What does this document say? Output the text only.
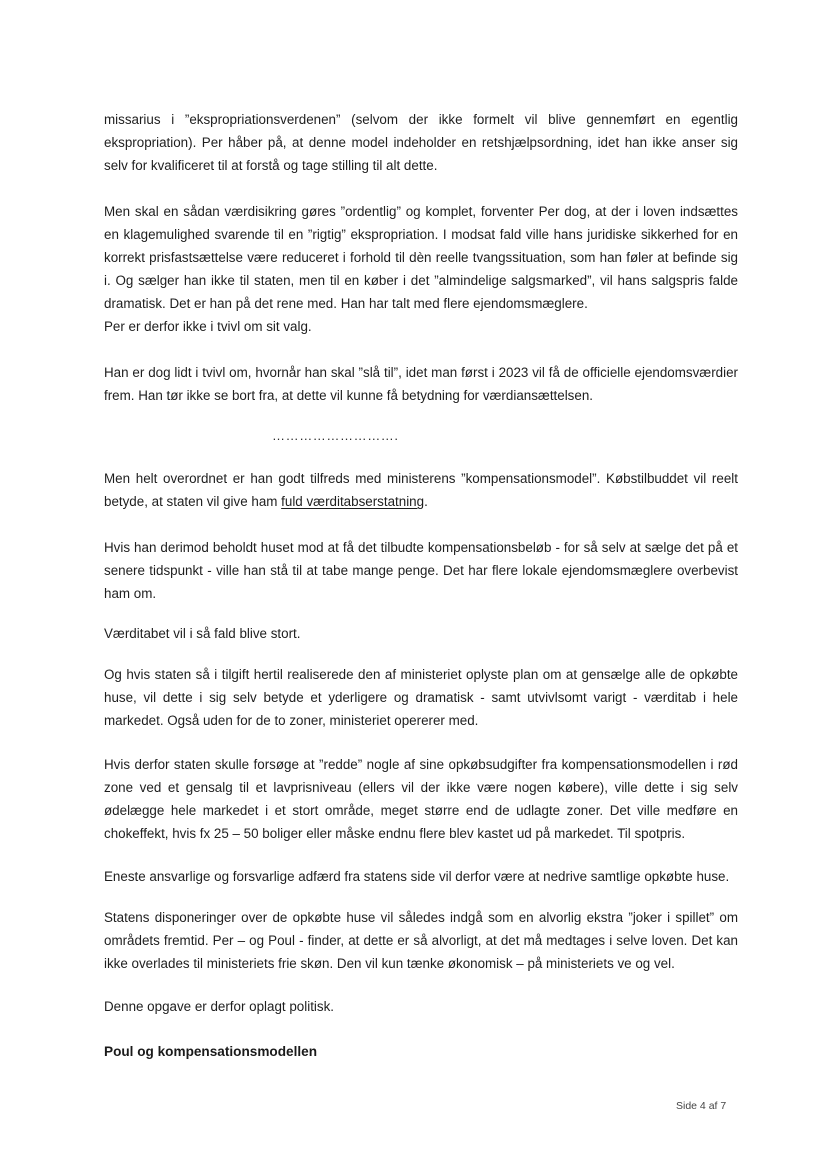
missarius i ”ekspropriationsverdenen” (selvom der ikke formelt vil blive gennemført en egentlig ekspropriation). Per håber på, at denne model indeholder en retshjælpsordning, idet han ikke anser sig selv for kvalificeret til at forstå og tage stilling til alt dette.

Men skal en sådan værdisikring gøres ”ordentlig” og komplet, forventer Per dog, at der i loven indsættes en klagemulighed svarende til en ”rigtig” ekspropriation. I modsat fald ville hans juridiske sikkerhed for en korrekt prisfastsættelse være reduceret i forhold til dèn reelle tvangssituation, som han føler at befinde sig i. Og sælger han ikke til staten, men til en køber i det ”almindelige salgsmarked”, vil hans salgspris falde dramatisk. Det er han på det rene med. Han har talt med flere ejendomsmæglere.

Per er derfor ikke i tvivl om sit valg.

Han er dog lidt i tvivl om, hvornår han skal ”slå til”, idet man først i 2023 vil få de officielle ejendomsværdier frem. Han tør ikke se bort fra, at dette vil kunne få betydning for værdiansættelsen.

……………………….

Men helt overordnet er han godt tilfreds med ministerens ”kompensationsmodel”. Købstilbuddet vil reelt betyde, at staten vil give ham fuld værditabserstatning.

Hvis han derimod beholdt huset mod at få det tilbudte kompensationsbeløb - for så selv at sælge det på et senere tidspunkt - ville han stå til at tabe mange penge. Det har flere lokale ejendomsmæglere overbevist ham om.

Værditabet vil i så fald blive stort.

Og hvis staten så i tilgift hertil realiserede den af ministeriet oplyste plan om at gensælge alle de opkøbte huse, vil dette i sig selv betyde et yderligere og dramatisk - samt utvivlsomt varigt - værditab i hele markedet. Også uden for de to zoner, ministeriet opererer med.

Hvis derfor staten skulle forsøge at ”redde” nogle af sine opkøbsudgifter fra kompensationsmodellen i rød zone ved et gensalg til et lavprisniveau (ellers vil der ikke være nogen købere), ville dette i sig selv ødelægge hele markedet i et stort område, meget større end de udlagte zoner. Det ville medføre en chokeffekt, hvis fx 25 – 50 boliger eller måske endnu flere blev kastet ud på markedet. Til spotpris.

Eneste ansvarlige og forsvarlige adfærd fra statens side vil derfor være at nedrive samtlige opkøbte huse.

Statens disponeringer over de opkøbte huse vil således indgå som en alvorlig ekstra ”joker i spillet” om områdets fremtid. Per – og Poul - finder, at dette er så alvorligt, at det må medtages i selve loven. Det kan ikke overlades til ministeriets frie skøn. Den vil kun tænke økonomisk – på ministeriets ve og vel.

Denne opgave er derfor oplagt politisk.

Poul og kompensationsmodellen

Side 4 af 7
